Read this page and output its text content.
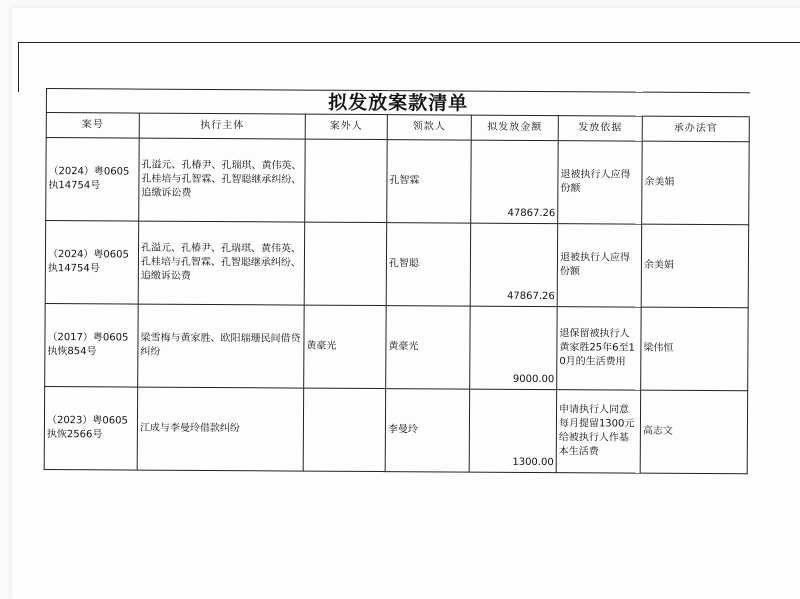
拟发放案款清单						
案号	执行主体	案外人	领款人	拟发放金额	发放依据	承办法官
（2024）粤0605执14754号	孔溢元、孔椿尹、孔瑞琪、黄伟英、孔桂培与孔智霖、孔智聪继承纠纷、追缴诉讼费		孔智霖	47867.26	退被执行人应得份额	余美娟
（2024）粤0605执14754号	孔溢元、孔椿尹、孔瑞琪、黄伟英、孔桂培与孔智霖、孔智聪继承纠纷、追缴诉讼费		孔智聪	47867.26	退被执行人应得份额	余美娟
（2017）粤0605执恢854号	梁雪梅与黄家胜、欧阳瑞珊民间借贷纠纷	黄豪光	黄豪光	9000.00	退保留被执行人黄家胜25年6至10月的生活费用	梁伟恒
（2023）粤0605执恢2566号	江成与李曼玲借款纠纷		李曼玲	1300.00	申请执行人同意每月提留1300元给被执行人作基本生活费	高志文
